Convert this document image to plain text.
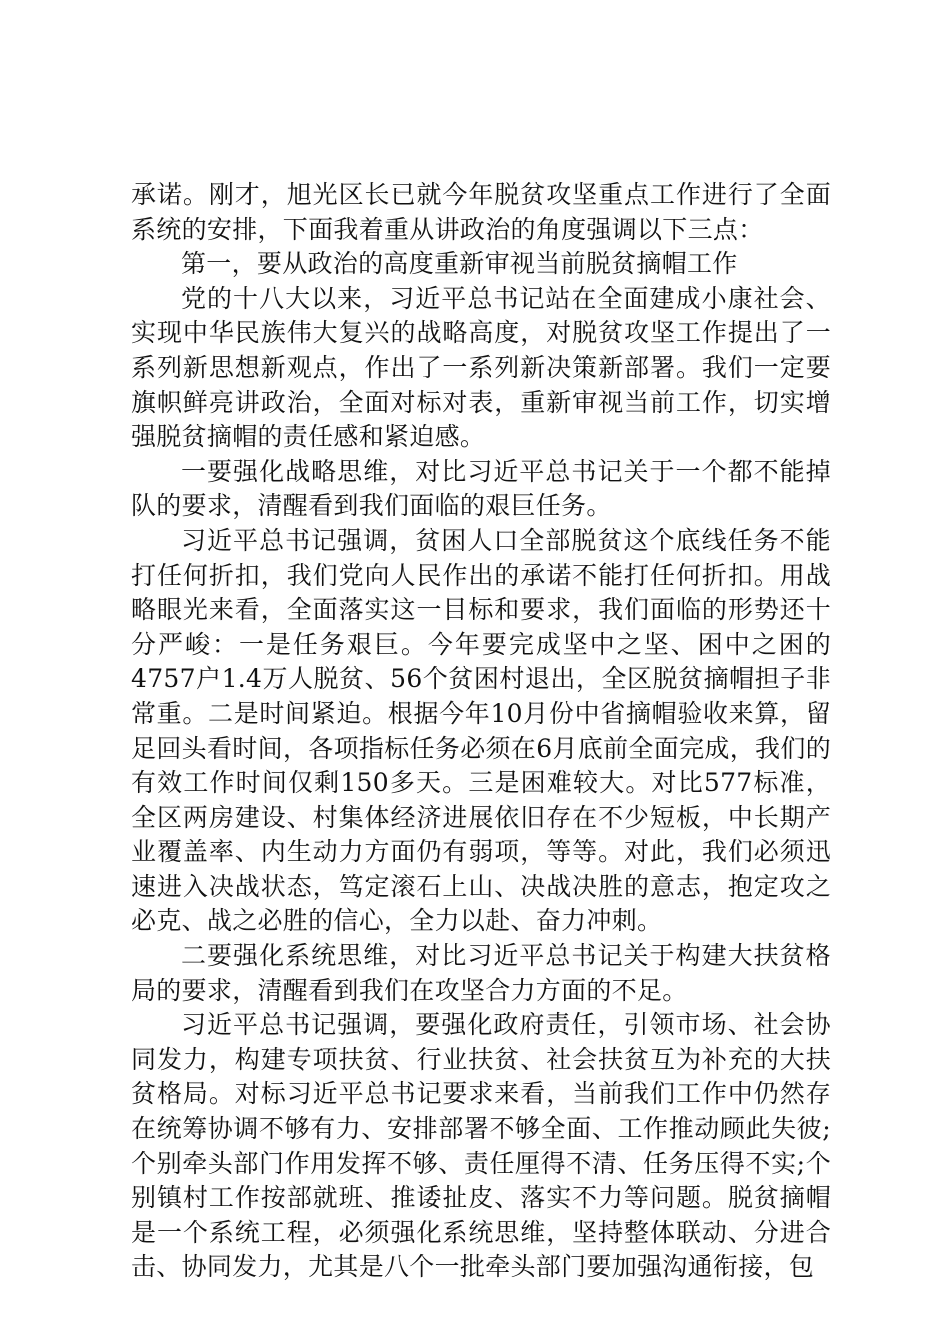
承诺。刚才，旭光区长已就今年脱贫攻坚重点工作进行了全面系统的安排，下面我着重从讲政治的角度强调以下三点：

第一，要从政治的高度重新审视当前脱贫摘帽工作

党的十八大以来，习近平总书记站在全面建成小康社会、实现中华民族伟大复兴的战略高度，对脱贫攻坚工作提出了一系列新思想新观点，作出了一系列新决策新部署。我们一定要旗帜鲜亮讲政治，全面对标对表，重新审视当前工作，切实增强脱贫摘帽的责任感和紧迫感。

一要强化战略思维，对比习近平总书记关于一个都不能掉队的要求，清醒看到我们面临的艰巨任务。

习近平总书记强调，贫困人口全部脱贫这个底线任务不能打任何折扣，我们党向人民作出的承诺不能打任何折扣。用战略眼光来看，全面落实这一目标和要求，我们面临的形势还十分严峻：一是任务艰巨。今年要完成坚中之坚、困中之困的4757户1.4万人脱贫、56个贫困村退出，全区脱贫摘帽担子非常重。二是时间紧迫。根据今年10月份中省摘帽验收来算，留足回头看时间，各项指标任务必须在6月底前全面完成，我们的有效工作时间仅剩150多天。三是困难较大。对比577标准，全区两房建设、村集体经济进展依旧存在不少短板，中长期产业覆盖率、内生动力方面仍有弱项，等等。对此，我们必须迅速进入决战状态，笃定滚石上山、决战决胜的意志，抱定攻之必克、战之必胜的信心，全力以赴、奋力冲刺。

二要强化系统思维，对比习近平总书记关于构建大扶贫格局的要求，清醒看到我们在攻坚合力方面的不足。

习近平总书记强调，要强化政府责任，引领市场、社会协同发力，构建专项扶贫、行业扶贫、社会扶贫互为补充的大扶贫格局。对标习近平总书记要求来看，当前我们工作中仍然存在统筹协调不够有力、安排部署不够全面、工作推动顾此失彼;个别牵头部门作用发挥不够、责任厘得不清、任务压得不实;个别镇村工作按部就班、推诿扯皮、落实不力等问题。脱贫摘帽是一个系统工程，必须强化系统思维，坚持整体联动、分进合击、协同发力，尤其是八个一批牵头部门要加强沟通衔接，包
